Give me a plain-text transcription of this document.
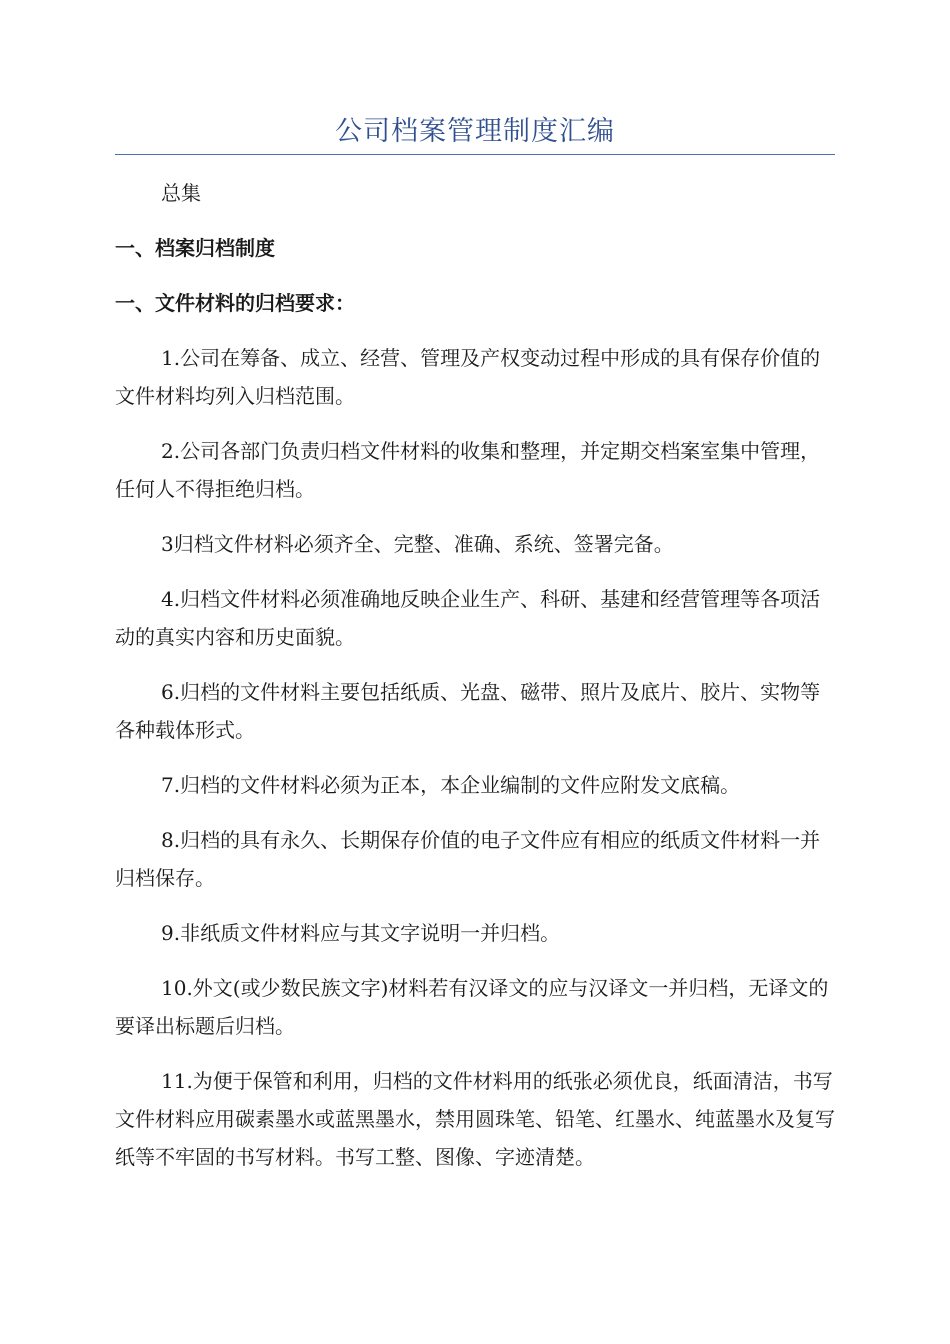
公司档案管理制度汇编

总集

一、档案归档制度

一、文件材料的归档要求：

1.公司在筹备、成立、经营、管理及产权变动过程中形成的具有保存价值的文件材料均列入归档范围。

2.公司各部门负责归档文件材料的收集和整理，并定期交档案室集中管理，任何人不得拒绝归档。

3归档文件材料必须齐全、完整、准确、系统、签署完备。

4.归档文件材料必须准确地反映企业生产、科研、基建和经营管理等各项活动的真实内容和历史面貌。

6.归档的文件材料主要包括纸质、光盘、磁带、照片及底片、胶片、实物等各种载体形式。

7.归档的文件材料必须为正本，本企业编制的文件应附发文底稿。

8.归档的具有永久、长期保存价值的电子文件应有相应的纸质文件材料一并归档保存。

9.非纸质文件材料应与其文字说明一并归档。

10.外文(或少数民族文字)材料若有汉译文的应与汉译文一并归档，无译文的要译出标题后归档。

11.为便于保管和利用，归档的文件材料用的纸张必须优良，纸面清洁，书写文件材料应用碳素墨水或蓝黑墨水，禁用圆珠笔、铅笔、红墨水、纯蓝墨水及复写纸等不牢固的书写材料。书写工整、图像、字迹清楚。
